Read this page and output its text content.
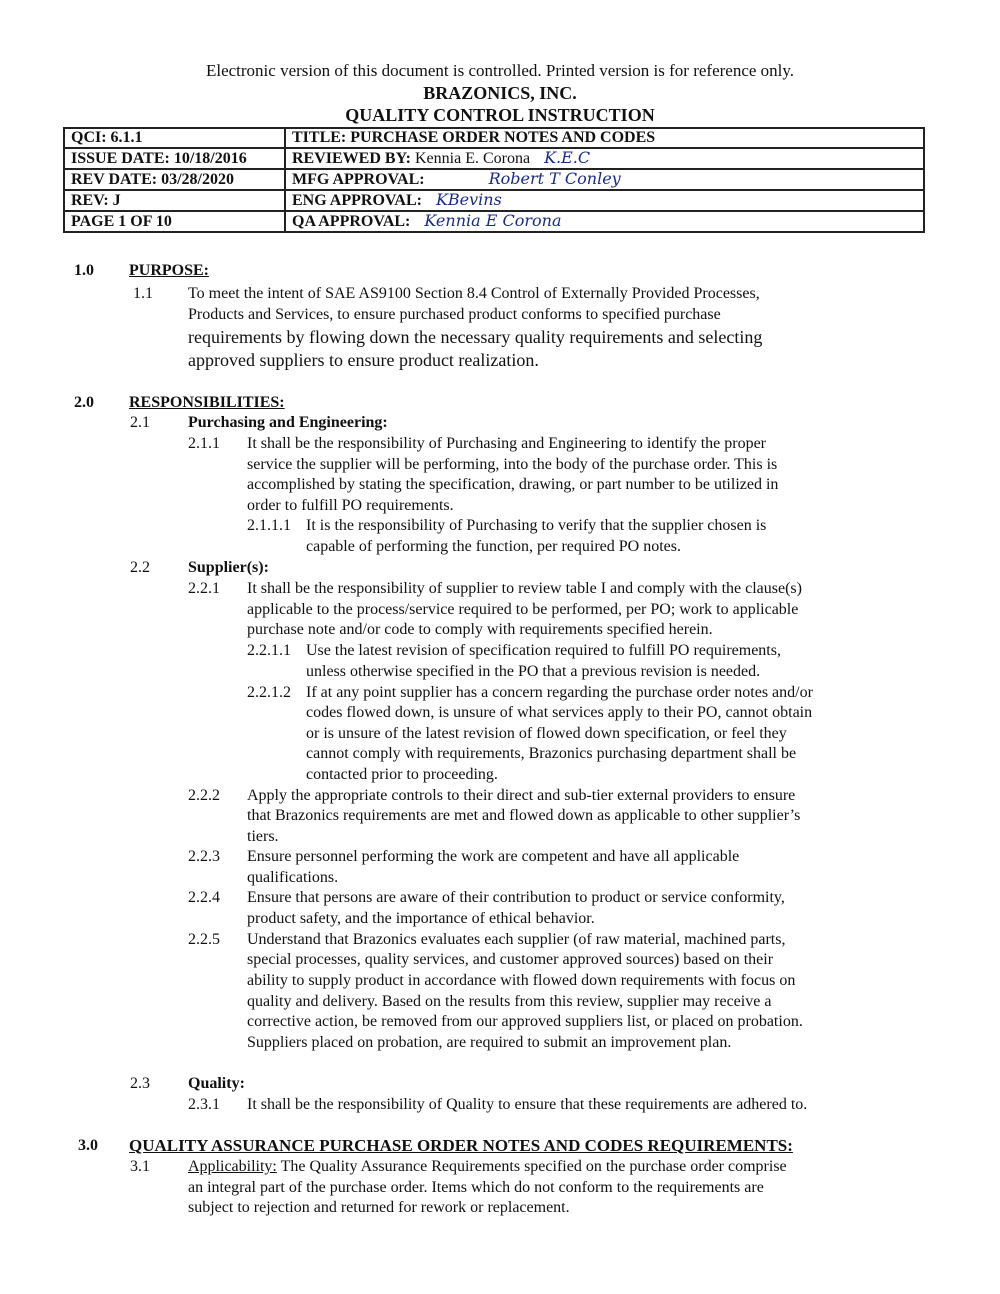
Electronic version of this document is controlled. Printed version is for reference only.
BRAZONICS, INC.
QUALITY CONTROL INSTRUCTION
QCI: 6.1.1	TITLE: PURCHASE ORDER NOTES AND CODES
ISSUE DATE: 10/18/2016	REVIEWED BY: Kennia E. Corona K.E.C
REV DATE: 03/28/2020	MFG APPROVAL: Robert T Conley
REV: J	ENG APPROVAL: KBevins
PAGE 1 OF 10	QA APPROVAL: Kennia E Corona
1.0 PURPOSE:
1.1 To meet the intent of SAE AS9100 Section 8.4 Control of Externally Provided Processes,
Products and Services, to ensure purchased product conforms to specified purchase
requirements by flowing down the necessary quality requirements and selecting
approved suppliers to ensure product realization.
2.0 RESPONSIBILITIES:
2.1 Purchasing and Engineering:
2.1.1 It shall be the responsibility of Purchasing and Engineering to identify the proper
service the supplier will be performing, into the body of the purchase order. This is
accomplished by stating the specification, drawing, or part number to be utilized in
order to fulfill PO requirements.
2.1.1.1 It is the responsibility of Purchasing to verify that the supplier chosen is
capable of performing the function, per required PO notes.
2.2 Supplier(s):
2.2.1 It shall be the responsibility of supplier to review table I and comply with the clause(s)
applicable to the process/service required to be performed, per PO; work to applicable
purchase note and/or code to comply with requirements specified herein.
2.2.1.1 Use the latest revision of specification required to fulfill PO requirements,
unless otherwise specified in the PO that a previous revision is needed.
2.2.1.2 If at any point supplier has a concern regarding the purchase order notes and/or
codes flowed down, is unsure of what services apply to their PO, cannot obtain
or is unsure of the latest revision of flowed down specification, or feel they
cannot comply with requirements, Brazonics purchasing department shall be
contacted prior to proceeding.
2.2.2 Apply the appropriate controls to their direct and sub-tier external providers to ensure
that Brazonics requirements are met and flowed down as applicable to other supplier’s
tiers.
2.2.3 Ensure personnel performing the work are competent and have all applicable
qualifications.
2.2.4 Ensure that persons are aware of their contribution to product or service conformity,
product safety, and the importance of ethical behavior.
2.2.5 Understand that Brazonics evaluates each supplier (of raw material, machined parts,
special processes, quality services, and customer approved sources) based on their
ability to supply product in accordance with flowed down requirements with focus on
quality and delivery. Based on the results from this review, supplier may receive a
corrective action, be removed from our approved suppliers list, or placed on probation.
Suppliers placed on probation, are required to submit an improvement plan.
2.3 Quality:
2.3.1 It shall be the responsibility of Quality to ensure that these requirements are adhered to.
3.0 QUALITY ASSURANCE PURCHASE ORDER NOTES AND CODES REQUIREMENTS:
3.1 Applicability: The Quality Assurance Requirements specified on the purchase order comprise
an integral part of the purchase order. Items which do not conform to the requirements are
subject to rejection and returned for rework or replacement.
